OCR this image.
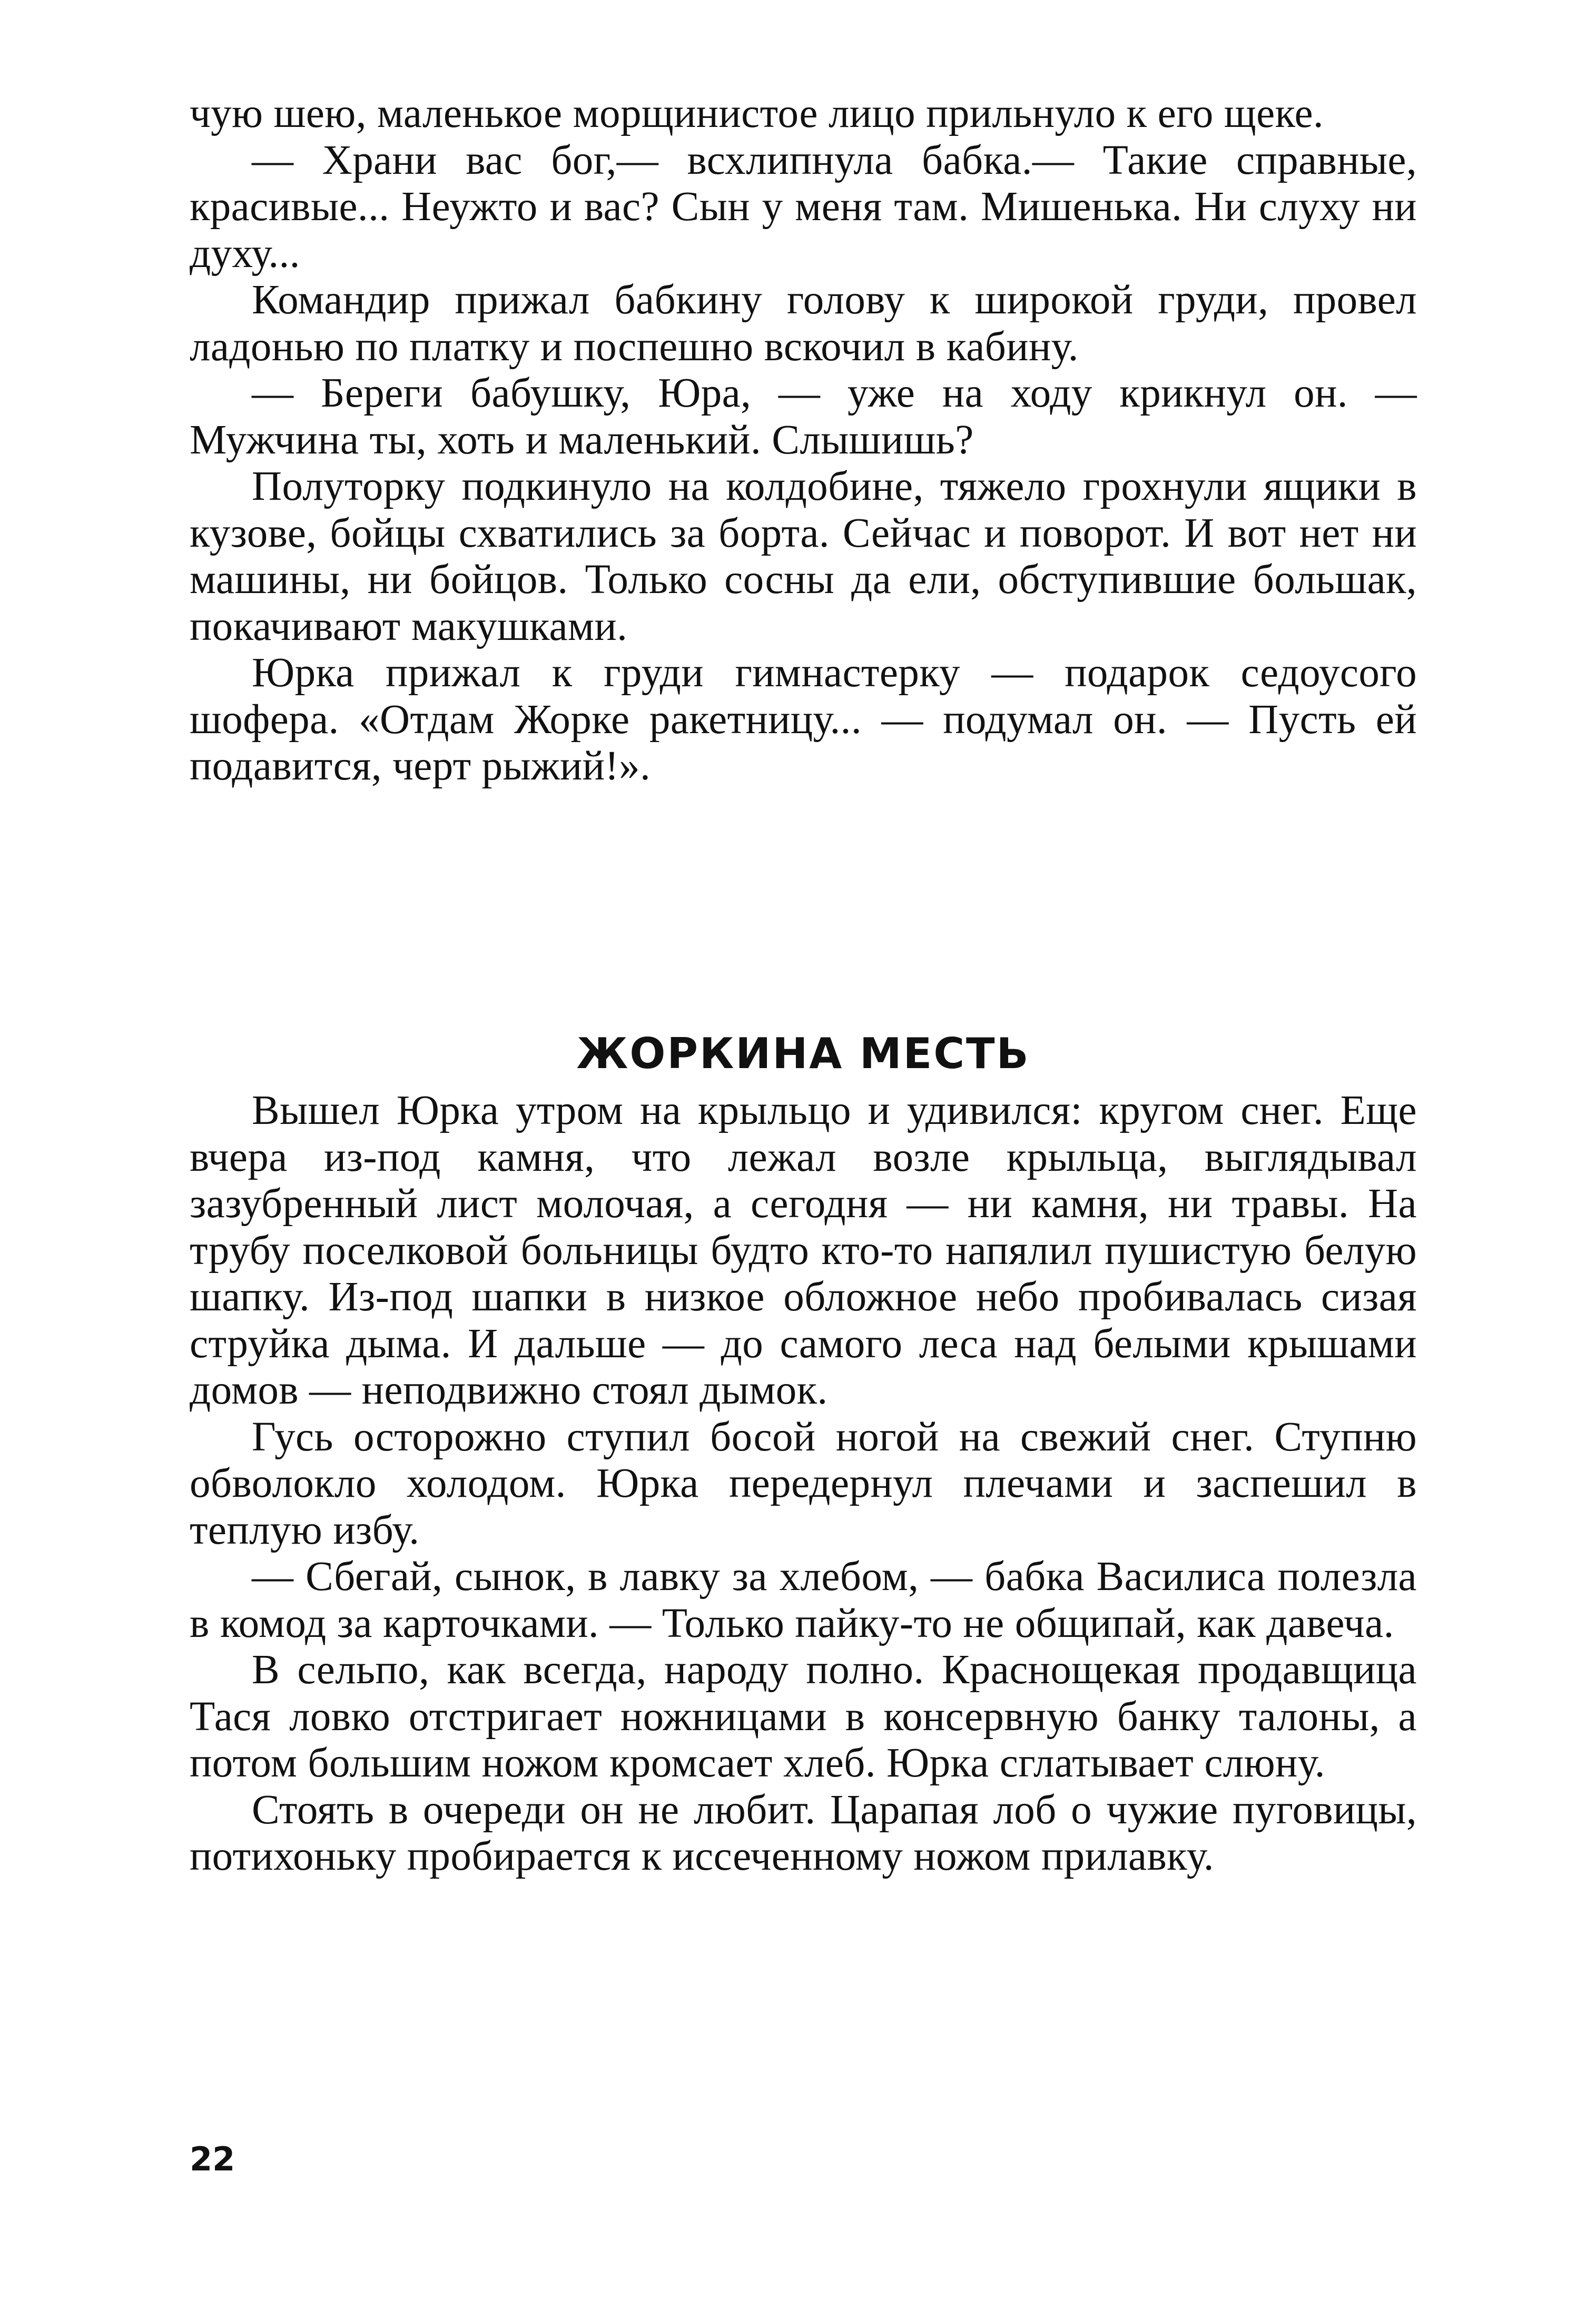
чую шею, маленькое морщинистое лицо прильнуло к его щеке.

— Храни вас бог,— всхлипнула бабка.— Такие справные, красивые... Неужто и вас? Сын у меня там. Мишенька. Ни слуху ни духу...

Командир прижал бабкину голову к широкой груди, провел ладонью по платку и поспешно вскочил в кабину.

— Береги бабушку, Юра, — уже на ходу крикнул он. — Мужчина ты, хоть и маленький. Слышишь?

Полуторку подкинуло на колдобине, тяжело грохнули ящики в кузове, бойцы схватились за борта. Сейчас и поворот. И вот нет ни машины, ни бойцов. Только сосны да ели, обступившие большак, покачивают макушками.

Юрка прижал к груди гимнастерку — подарок седоусого шофера. «Отдам Жорке ракетницу... — подумал он. — Пусть ей подавится, черт рыжий!».

ЖОРКИНА МЕСТЬ

Вышел Юрка утром на крыльцо и удивился: кругом снег. Еще вчера из-под камня, что лежал возле крыльца, выглядывал зазубренный лист молочая, а сегодня — ни камня, ни травы. На трубу поселковой больницы будто кто-то напялил пушистую белую шапку. Из-под шапки в низкое обложное небо пробивалась сизая струйка дыма. И дальше — до самого леса над белыми крышами домов — неподвижно стоял дымок.

Гусь осторожно ступил босой ногой на свежий снег. Ступню обволокло холодом. Юрка передернул плечами и заспешил в теплую избу.

— Сбегай, сынок, в лавку за хлебом, — бабка Василиса полезла в комод за карточками. — Только пайку-то не общипай, как давеча.

В сельпо, как всегда, народу полно. Краснощекая продавщица Тася ловко отстригает ножницами в консервную банку талоны, а потом большим ножом кромсает хлеб. Юрка сглатывает слюну.

Стоять в очереди он не любит. Царапая лоб о чужие пуговицы, потихоньку пробирается к иссеченному ножом прилавку.

22
